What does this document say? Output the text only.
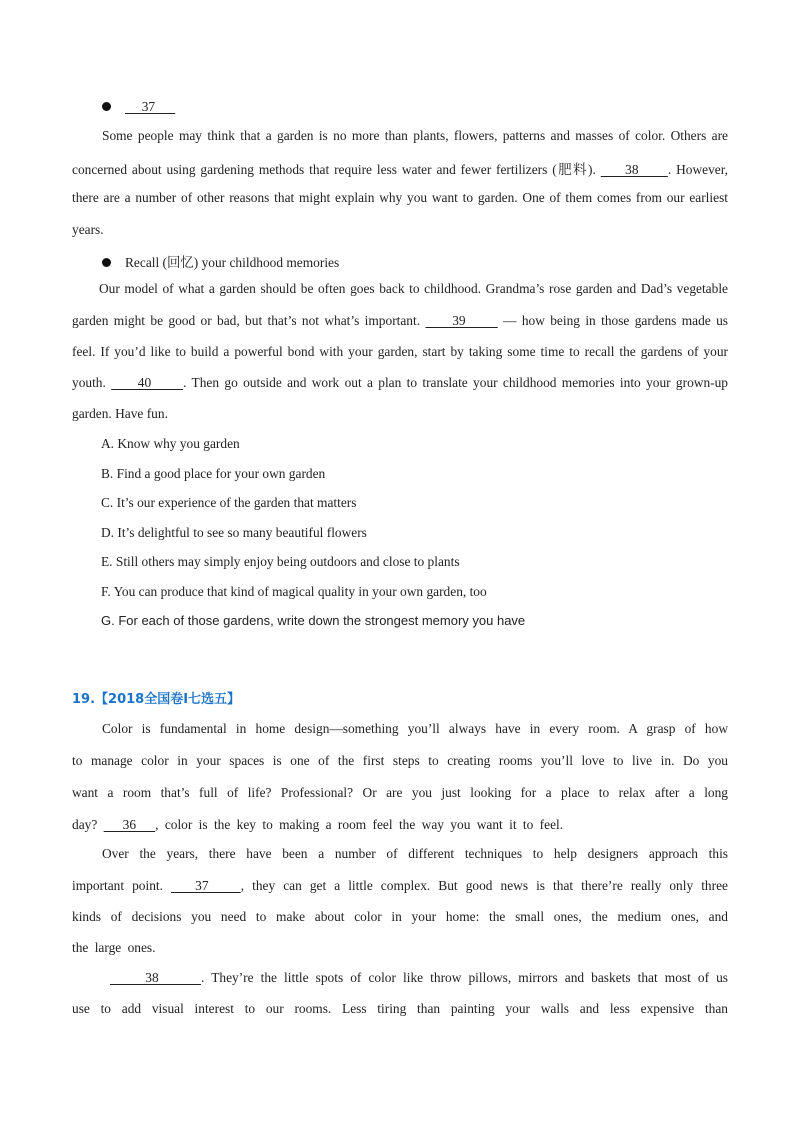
37
Some people may think that a garden is no more than plants, flowers, patterns and masses of color. Others are
concerned about using gardening methods that require less water and fewer fertilizers (肥料).      38      . However,
there are a number of other reasons that might explain why you want to garden. One of them comes from our earliest
years.
Recall (回忆) your childhood memories
Our model of what a garden should be often goes back to childhood. Grandma’s rose garden and Dad’s vegetable
garden might be good or bad, but that’s not what’s important.      39       — how being in those gardens made us
feel. If you’d like to build a powerful bond with your garden, start by taking some time to recall the gardens of your
youth.      40      . Then go outside and work out a plan to translate your childhood memories into your grown-up
garden. Have fun.
A. Know why you garden
B. Find a good place for your own garden
C. It’s our experience of the garden that matters
D. It’s delightful to see so many beautiful flowers
E. Still others may simply enjoy being outdoors and close to plants
F. You can produce that kind of magical quality in your own garden, too
G. For each of those gardens, write down the strongest memory you have
19.【2018全国卷I七选五】
Color is fundamental in home design—something you’ll always have in every room. A grasp of how
to manage color in your spaces is one of the first steps to creating rooms you’ll love to live in. Do you
want a room that’s full of life? Professional? Or are you just looking for a place to relax after a long
day?    36   , color is the key to making a room feel the way you want it to feel.
Over the years, there have been a number of different techniques to help designers approach this
important point.    37    , they can get a little complex. But good news is that there’re really only three
kinds of decisions you need to make about color in your home: the small ones, the medium ones, and
the large ones.
38      . They’re the little spots of color like throw pillows, mirrors and baskets that most of us
use to add visual interest to our rooms. Less tiring than painting your walls and less expensive than
